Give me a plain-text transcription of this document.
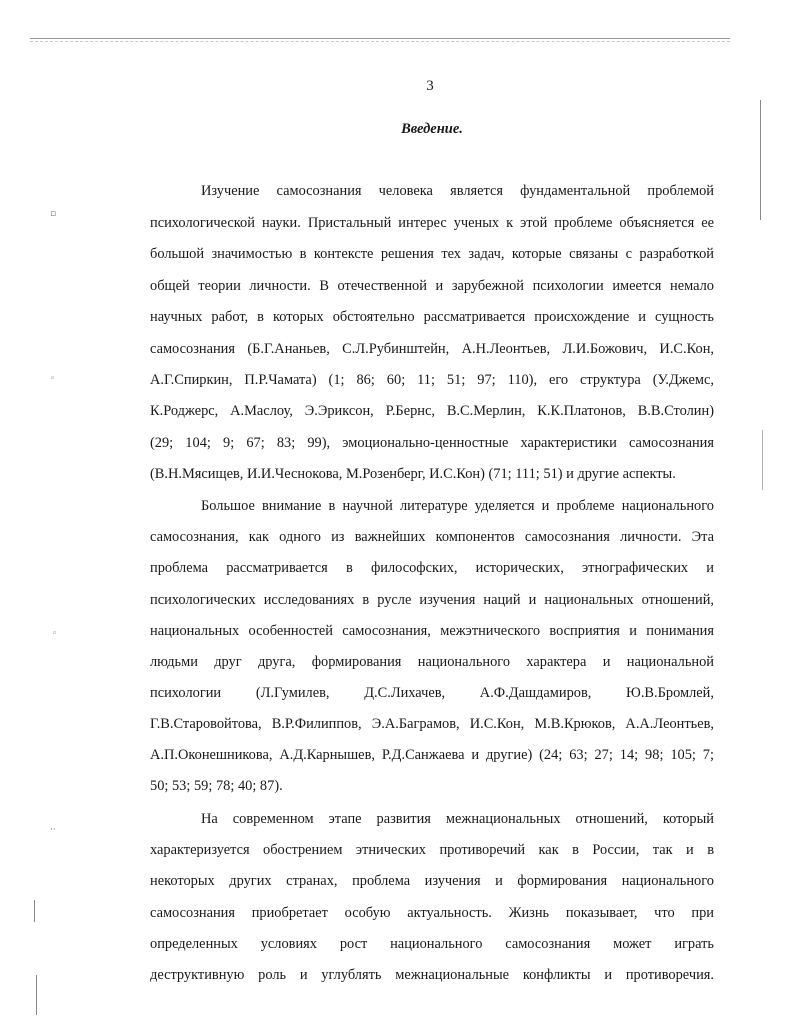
▫
◦
◦
··
3
Введение.
Изучение самосознания человека является фундаментальной проблемой
психологической науки. Пристальный интерес ученых к этой проблеме объясняется ее
большой значимостью в контексте решения тех задач, которые связаны с разработкой
общей теории личности. В отечественной и зарубежной психологии имеется немало
научных работ, в которых обстоятельно рассматривается происхождение и сущность
самосознания (Б.Г.Ананьев, С.Л.Рубинштейн, А.Н.Леонтьев, Л.И.Божович, И.С.Кон,
А.Г.Спиркин, П.Р.Чамата) (1; 86; 60; 11; 51; 97; 110), его структура (У.Джемс,
К.Роджерс, А.Маслоу, Э.Эриксон, Р.Бернс, В.С.Мерлин, К.К.Платонов, В.В.Столин)
(29; 104; 9; 67; 83; 99), эмоционально-ценностные характеристики самосознания
(В.Н.Мясищев, И.И.Чеснокова, М.Розенберг, И.С.Кон) (71; 111; 51) и другие аспекты.
Большое внимание в научной литературе уделяется и проблеме национального
самосознания, как одного из важнейших компонентов самосознания личности. Эта
проблема рассматривается в философских, исторических, этнографических и
психологических исследованиях в русле изучения наций и национальных отношений,
национальных особенностей самосознания, межэтнического восприятия и понимания
людьми друг друга, формирования национального характера и национальной
психологии (Л.Гумилев, Д.С.Лихачев, А.Ф.Дашдамиров, Ю.В.Бромлей,
Г.В.Старовойтова, В.Р.Филиппов, Э.А.Баграмов, И.С.Кон, М.В.Крюков, А.А.Леонтьев,
А.П.Оконешникова, А.Д.Карнышев, Р.Д.Санжаева и другие) (24; 63; 27; 14; 98; 105; 7;
50; 53; 59; 78; 40; 87).
На современном этапе развития межнациональных отношений, который
характеризуется обострением этнических противоречий как в России, так и в
некоторых других странах, проблема изучения и формирования национального
самосознания приобретает особую актуальность. Жизнь показывает, что при
определенных условиях рост национального самосознания может играть
деструктивную роль и углублять межнациональные конфликты и противоречия.
